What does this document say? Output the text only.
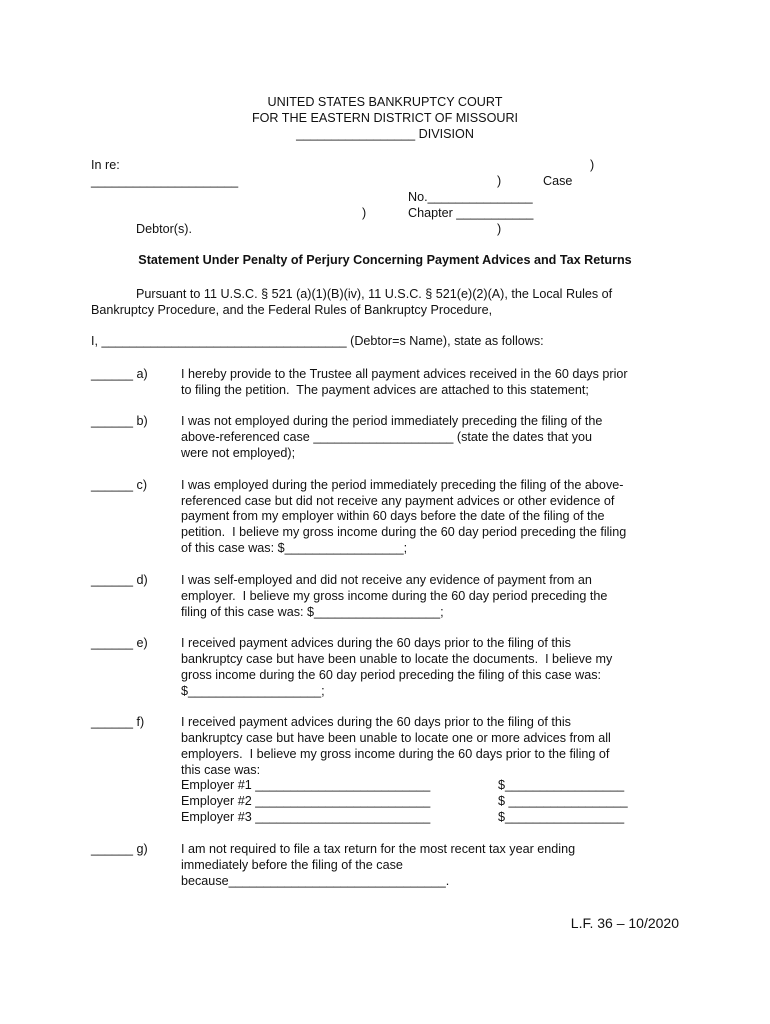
UNITED STATES BANKRUPTCY COURT
FOR THE EASTERN DISTRICT OF MISSOURI
_________________ DIVISION
In re:	)
_____________________	)	Case
No._______________
)	Chapter ___________
Debtor(s).	)
Statement Under Penalty of Perjury Concerning Payment Advices and Tax Returns
Pursuant to 11 U.S.C. § 521 (a)(1)(B)(iv), 11 U.S.C. § 521(e)(2)(A), the Local Rules of
Bankruptcy Procedure, and the Federal Rules of Bankruptcy Procedure,
I, ___________________________________ (Debtor=s Name), state as follows:
______ a)	I hereby provide to the Trustee all payment advices received in the 60 days prior
to filing the petition.  The payment advices are attached to this statement;
______ b)	I was not employed during the period immediately preceding the filing of the
above-referenced case ____________________ (state the dates that you
were not employed);
______ c)	I was employed during the period immediately preceding the filing of the above-
referenced case but did not receive any payment advices or other evidence of
payment from my employer within 60 days before the date of the filing of the
petition.  I believe my gross income during the 60 day period preceding the filing
of this case was: $_________________;
______ d)	I was self-employed and did not receive any evidence of payment from an
employer.  I believe my gross income during the 60 day period preceding the
filing of this case was: $__________________;
______ e)	I received payment advices during the 60 days prior to the filing of this
bankruptcy case but have been unable to locate the documents.  I believe my
gross income during the 60 day period preceding the filing of this case was:
$___________________;
______ f)	I received payment advices during the 60 days prior to the filing of this
bankruptcy case but have been unable to locate one or more advices from all
employers.  I believe my gross income during the 60 days prior to the filing of
this case was:
Employer #1 _________________________	$_________________
Employer #2 _________________________	$ _________________
Employer #3 _________________________	$_________________
______ g)	I am not required to file a tax return for the most recent tax year ending
immediately before the filing of the case
because_______________________________.
L.F. 36 – 10/2020
